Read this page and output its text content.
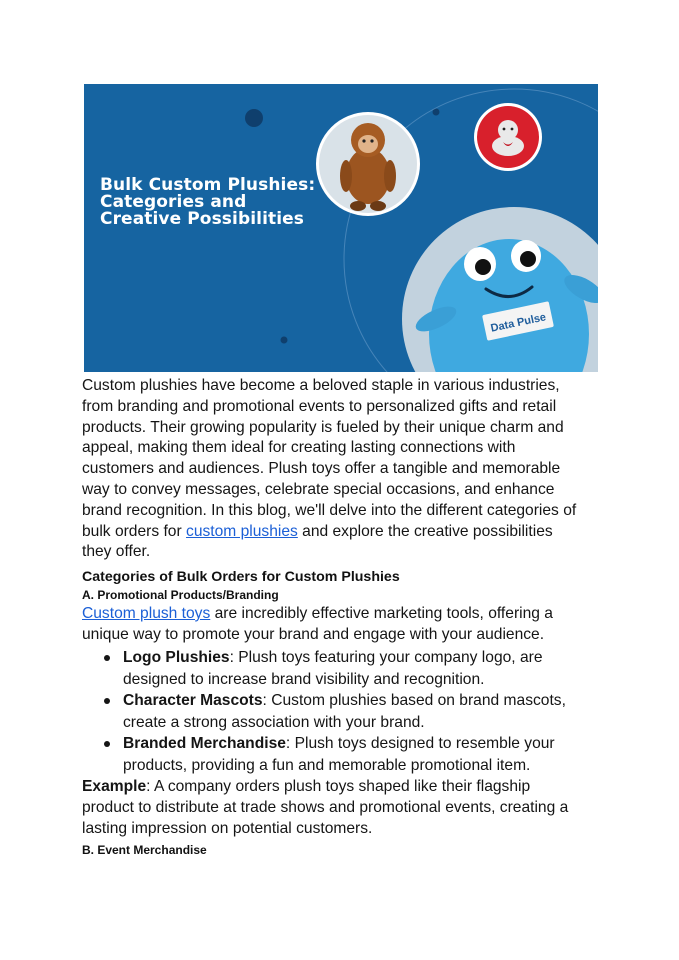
Data Pulse
Bulk Custom Plushies:
Categories and
Creative Possibilities
Custom plushies have become a beloved staple in various industries, from branding and promotional events to personalized gifts and retail products. Their growing popularity is fueled by their unique charm and appeal, making them ideal for creating lasting connections with customers and audiences. Plush toys offer a tangible and memorable way to convey messages, celebrate special occasions, and enhance brand recognition. In this blog, we'll delve into the different categories of bulk orders for custom plushies and explore the creative possibilities they offer.
Categories of Bulk Orders for Custom Plushies
A. Promotional Products/Branding
Custom plush toys are incredibly effective marketing tools, offering a unique way to promote your brand and engage with your audience.
Logo Plushies: Plush toys featuring your company logo, are designed to increase brand visibility and recognition.
Character Mascots: Custom plushies based on brand mascots, create a strong association with your brand.
Branded Merchandise: Plush toys designed to resemble your products, providing a fun and memorable promotional item.
Example: A company orders plush toys shaped like their flagship product to distribute at trade shows and promotional events, creating a lasting impression on potential customers.
B. Event Merchandise
